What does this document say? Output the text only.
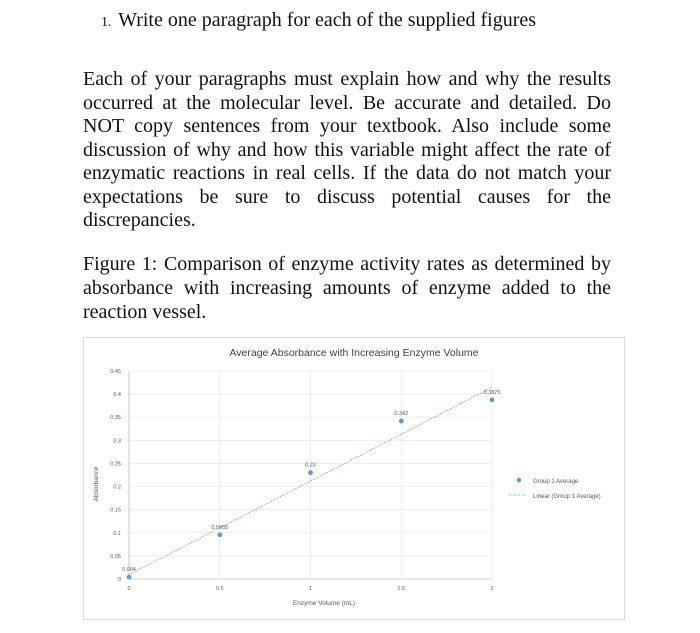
1. Write one paragraph for each of the supplied figures
Each of your paragraphs must explain how and why the results occurred at the molecular level. Be accurate and detailed. Do NOT copy sentences from your textbook. Also include some discussion of why and how this variable might affect the rate of enzymatic reactions in real cells. If the data do not match your expectations be sure to discuss potential causes for the discrepancies.
Figure 1: Comparison of enzyme activity rates as determined by absorbance with increasing amounts of enzyme added to the reaction vessel.
0
0.05
0.1
0.15
0.2
0.25
0.3
0.35
0.4
0.45
0	0.5	1	1.5	2
0.004
0.0955
0.23
0.342
0.3875
Average Absorbance with Increasing Enzyme Volume
Enzyme Volume (mL)
Absorbance	Group 1 Average
Linear (Group 1 Average)
